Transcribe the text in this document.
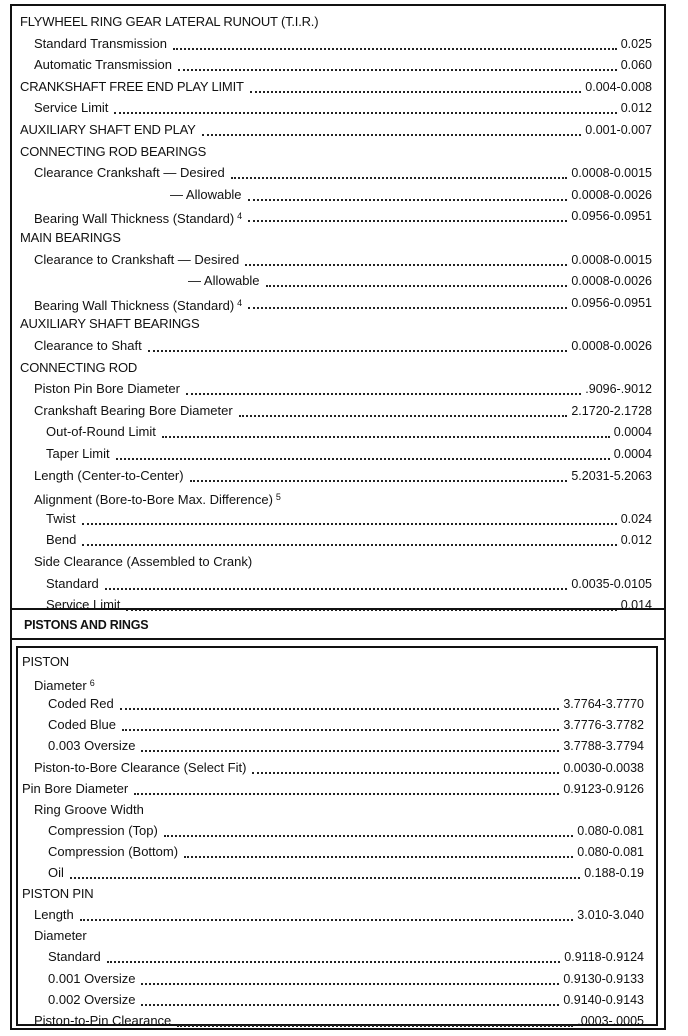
FLYWHEEL RING GEAR LATERAL RUNOUT (T.I.R.)
Standard Transmission	0.025
Automatic Transmission	0.060
CRANKSHAFT FREE END PLAY LIMIT	0.004-0.008
Service Limit	0.012
AUXILIARY SHAFT END PLAY	0.001-0.007
CONNECTING ROD BEARINGS
Clearance Crankshaft — Desired	0.0008-0.0015
— Allowable	0.0008-0.0026
Bearing Wall Thickness (Standard) $^4$	0.0956-0.0951
MAIN BEARINGS
Clearance to Crankshaft — Desired	0.0008-0.0015
— Allowable	0.0008-0.0026
Bearing Wall Thickness (Standard) $^4$	0.0956-0.0951
AUXILIARY SHAFT BEARINGS
Clearance to Shaft	0.0008-0.0026
CONNECTING ROD
Piston Pin Bore Diameter	.9096-.9012
Crankshaft Bearing Bore Diameter	2.1720-2.1728
Out-of-Round Limit	0.0004
Taper Limit	0.0004
Length (Center-to-Center)	5.2031-5.2063
Alignment (Bore-to-Bore Max. Difference) $^5$
Twist	0.024
Bend	0.012
Side Clearance (Assembled to Crank)
Standard	0.0035-0.0105
Service Limit	0.014
PISTONS AND RINGS
PISTON
Diameter $^6$
Coded Red	3.7764-3.7770
Coded Blue	3.7776-3.7782
0.003 Oversize	3.7788-3.7794
Piston-to-Bore Clearance (Select Fit)	0.0030-0.0038
Pin Bore Diameter	0.9123-0.9126
Ring Groove Width
Compression (Top)	0.080-0.081
Compression (Bottom)	0.080-0.081
Oil	0.188-0.19
PISTON PIN
Length	3.010-3.040
Diameter
Standard	0.9118-0.9124
0.001 Oversize	0.9130-0.9133
0.002 Oversize	0.9140-0.9143
Piston-to-Pin Clearance	.0003-.0005
